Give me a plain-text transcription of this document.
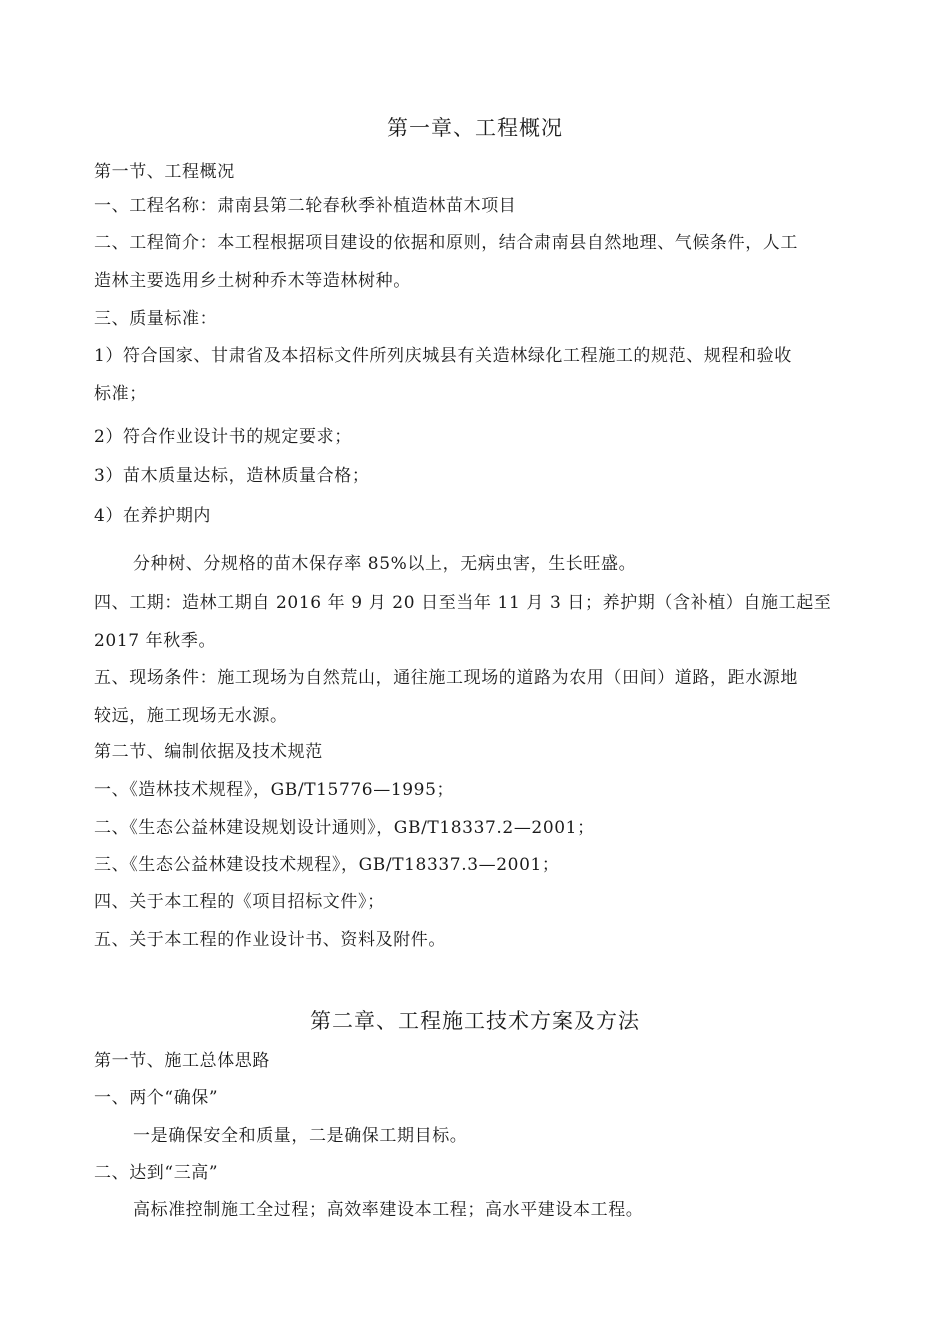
第一章、工程概况
第一节、工程概况
一、工程名称：肃南县第二轮春秋季补植造林苗木项目
二、工程简介：本工程根据项目建设的依据和原则，结合肃南县自然地理、气候条件，人工
造林主要选用乡土树种乔木等造林树种。
三、质量标准：
1）符合国家、甘肃省及本招标文件所列庆城县有关造林绿化工程施工的规范、规程和验收
标准；
2）符合作业设计书的规定要求；
3）苗木质量达标，造林质量合格；
4）在养护期内
分种树、分规格的苗木保存率 85%以上，无病虫害，生长旺盛。
四、工期：造林工期自 2016 年 9 月 20 日至当年 11 月 3 日；养护期（含补植）自施工起至
2017 年秋季。
五、现场条件：施工现场为自然荒山，通往施工现场的道路为农用（田间）道路，距水源地
较远，施工现场无水源。
第二节、编制依据及技术规范
一、《造林技术规程》，GB/T15776—1995；
二、《生态公益林建设规划设计通则》，GB/T18337.2—2001；
三、《生态公益林建设技术规程》，GB/T18337.3—2001；
四、关于本工程的《项目招标文件》；
五、关于本工程的作业设计书、资料及附件。
第二章、工程施工技术方案及方法
第一节、施工总体思路
一、两个“确保”
一是确保安全和质量，二是确保工期目标。
二、达到“三高”
高标准控制施工全过程；高效率建设本工程；高水平建设本工程。
